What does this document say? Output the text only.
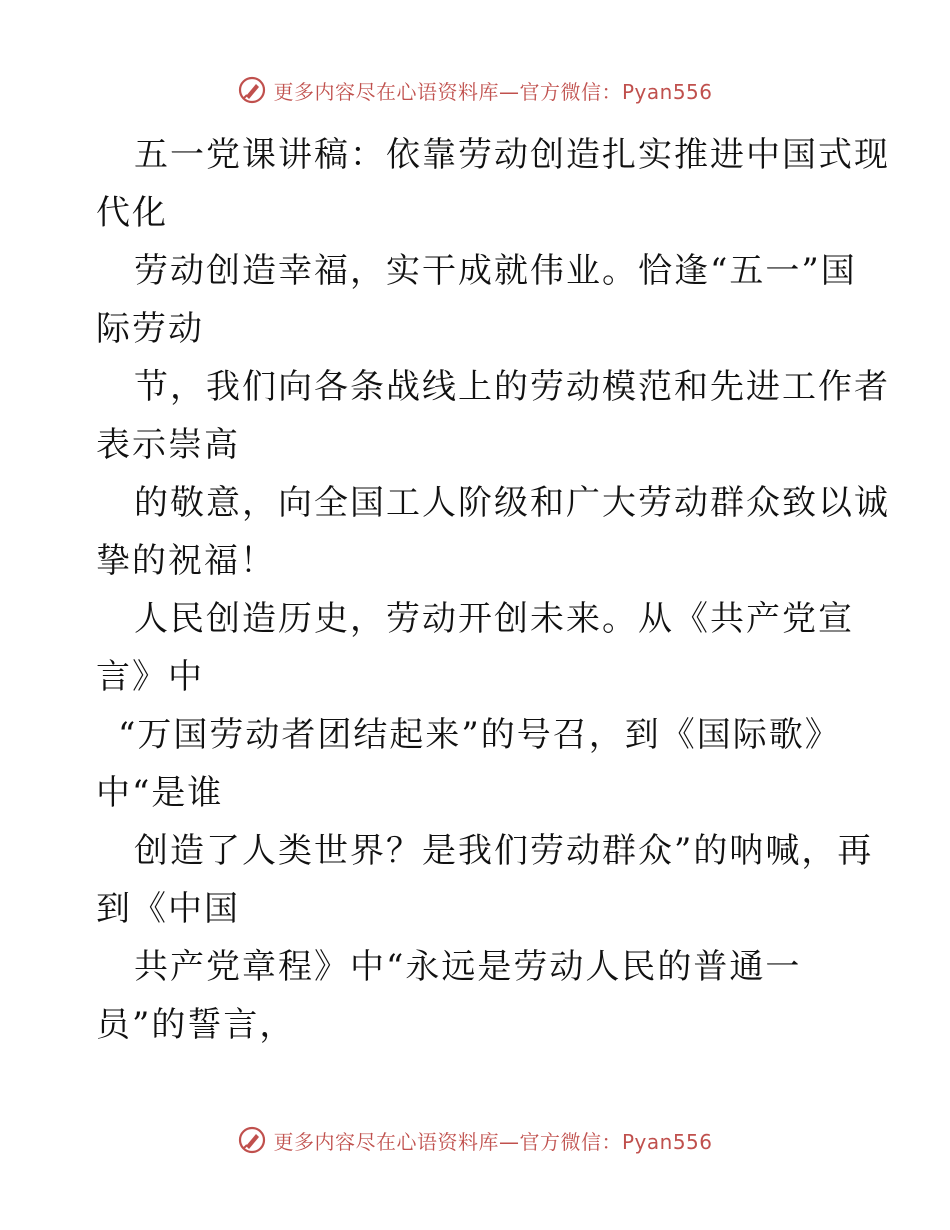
更多内容尽在心语资料库—官方微信：Pyan556
五一党课讲稿：依靠劳动创造扎实推进中国式现
代化
劳动创造幸福，实干成就伟业。恰逢“五一”国
际劳动
节，我们向各条战线上的劳动模范和先进工作者
表示崇高
的敬意，向全国工人阶级和广大劳动群众致以诚
挚的祝福！
人民创造历史，劳动开创未来。从《共产党宣
言》中
“万国劳动者团结起来”的号召，到《国际歌》
中“是谁
创造了人类世界？是我们劳动群众”的呐喊，再
到《中国
共产党章程》中“永远是劳动人民的普通一
员”的誓言，
更多内容尽在心语资料库—官方微信：Pyan556
